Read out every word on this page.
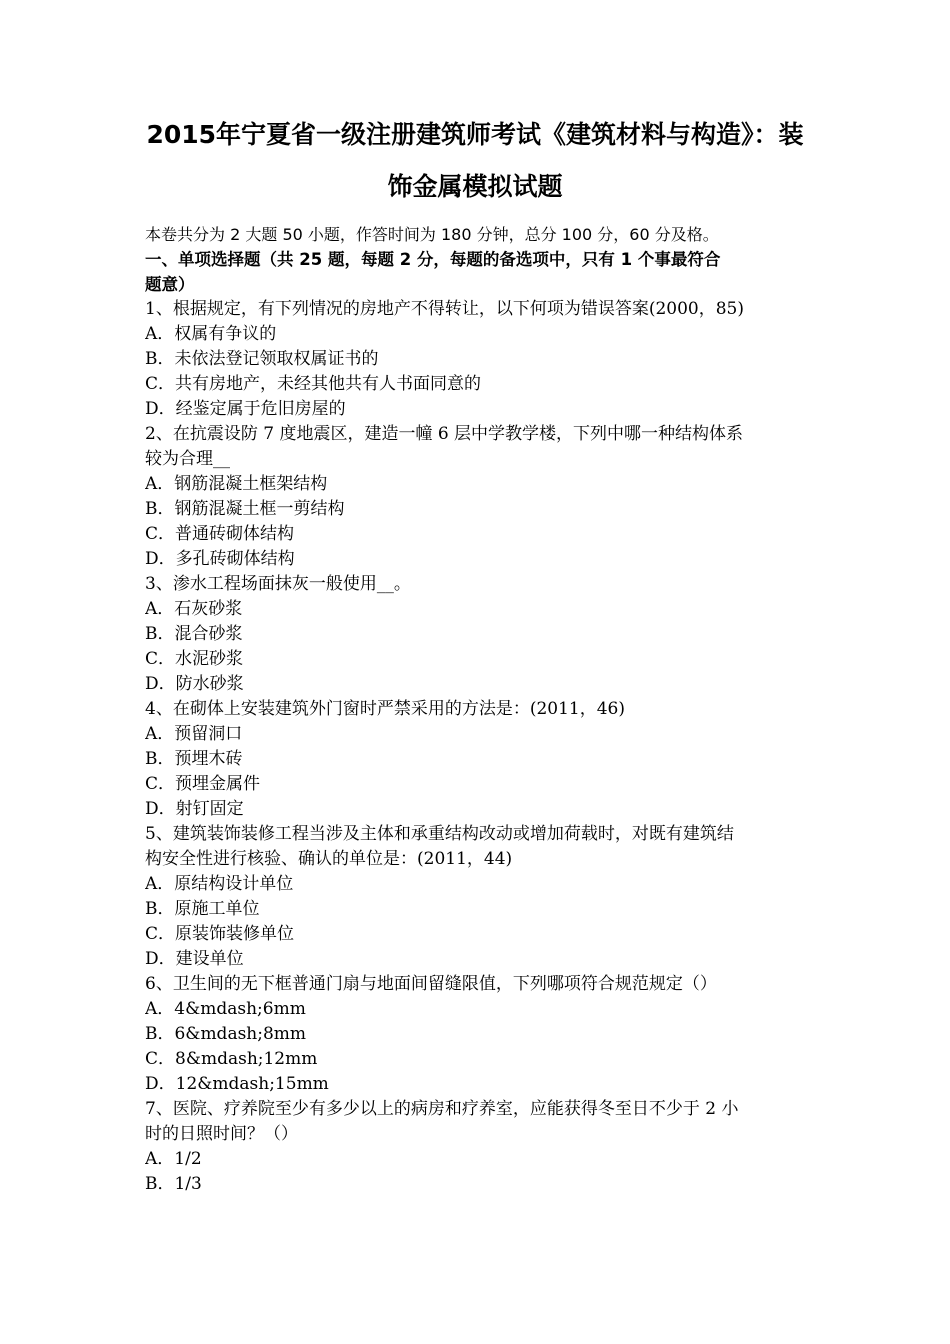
2015年宁夏省一级注册建筑师考试《建筑材料与构造》：装
饰金属模拟试题
本卷共分为 2 大题 50 小题，作答时间为 180 分钟，总分 100 分，60 分及格。
一、单项选择题（共 25 题，每题 2 分，每题的备选项中，只有 1 个事最符合
题意）
1、根据规定，有下列情况的房地产不得转让，以下何项为错误答案(2000，85)
A．权属有争议的
B．未依法登记领取权属证书的
C．共有房地产，未经其他共有人书面同意的
D．经鉴定属于危旧房屋的
2、在抗震设防 7 度地震区，建造一幢 6 层中学教学楼，下列中哪一种结构体系
较为合理__
A．钢筋混凝土框架结构
B．钢筋混凝土框一剪结构
C．普通砖砌体结构
D．多孔砖砌体结构
3、渗水工程场面抹灰一般使用__。
A．石灰砂浆
B．混合砂浆
C．水泥砂浆
D．防水砂浆
4、在砌体上安装建筑外门窗时严禁采用的方法是：(2011，46)
A．预留洞口
B．预埋木砖
C．预埋金属件
D．射钉固定
5、建筑装饰装修工程当涉及主体和承重结构改动或增加荷载时，对既有建筑结
构安全性进行核验、确认的单位是：(2011，44)
A．原结构设计单位
B．原施工单位
C．原装饰装修单位
D．建设单位
6、卫生间的无下框普通门扇与地面间留缝限值，下列哪项符合规范规定（）
A．4&mdash;6mm
B．6&mdash;8mm
C．8&mdash;12mm
D．12&mdash;15mm
7、医院、疗养院至少有多少以上的病房和疗养室，应能获得冬至日不少于 2 小
时的日照时间？（）
A．1/2
B．1/3
